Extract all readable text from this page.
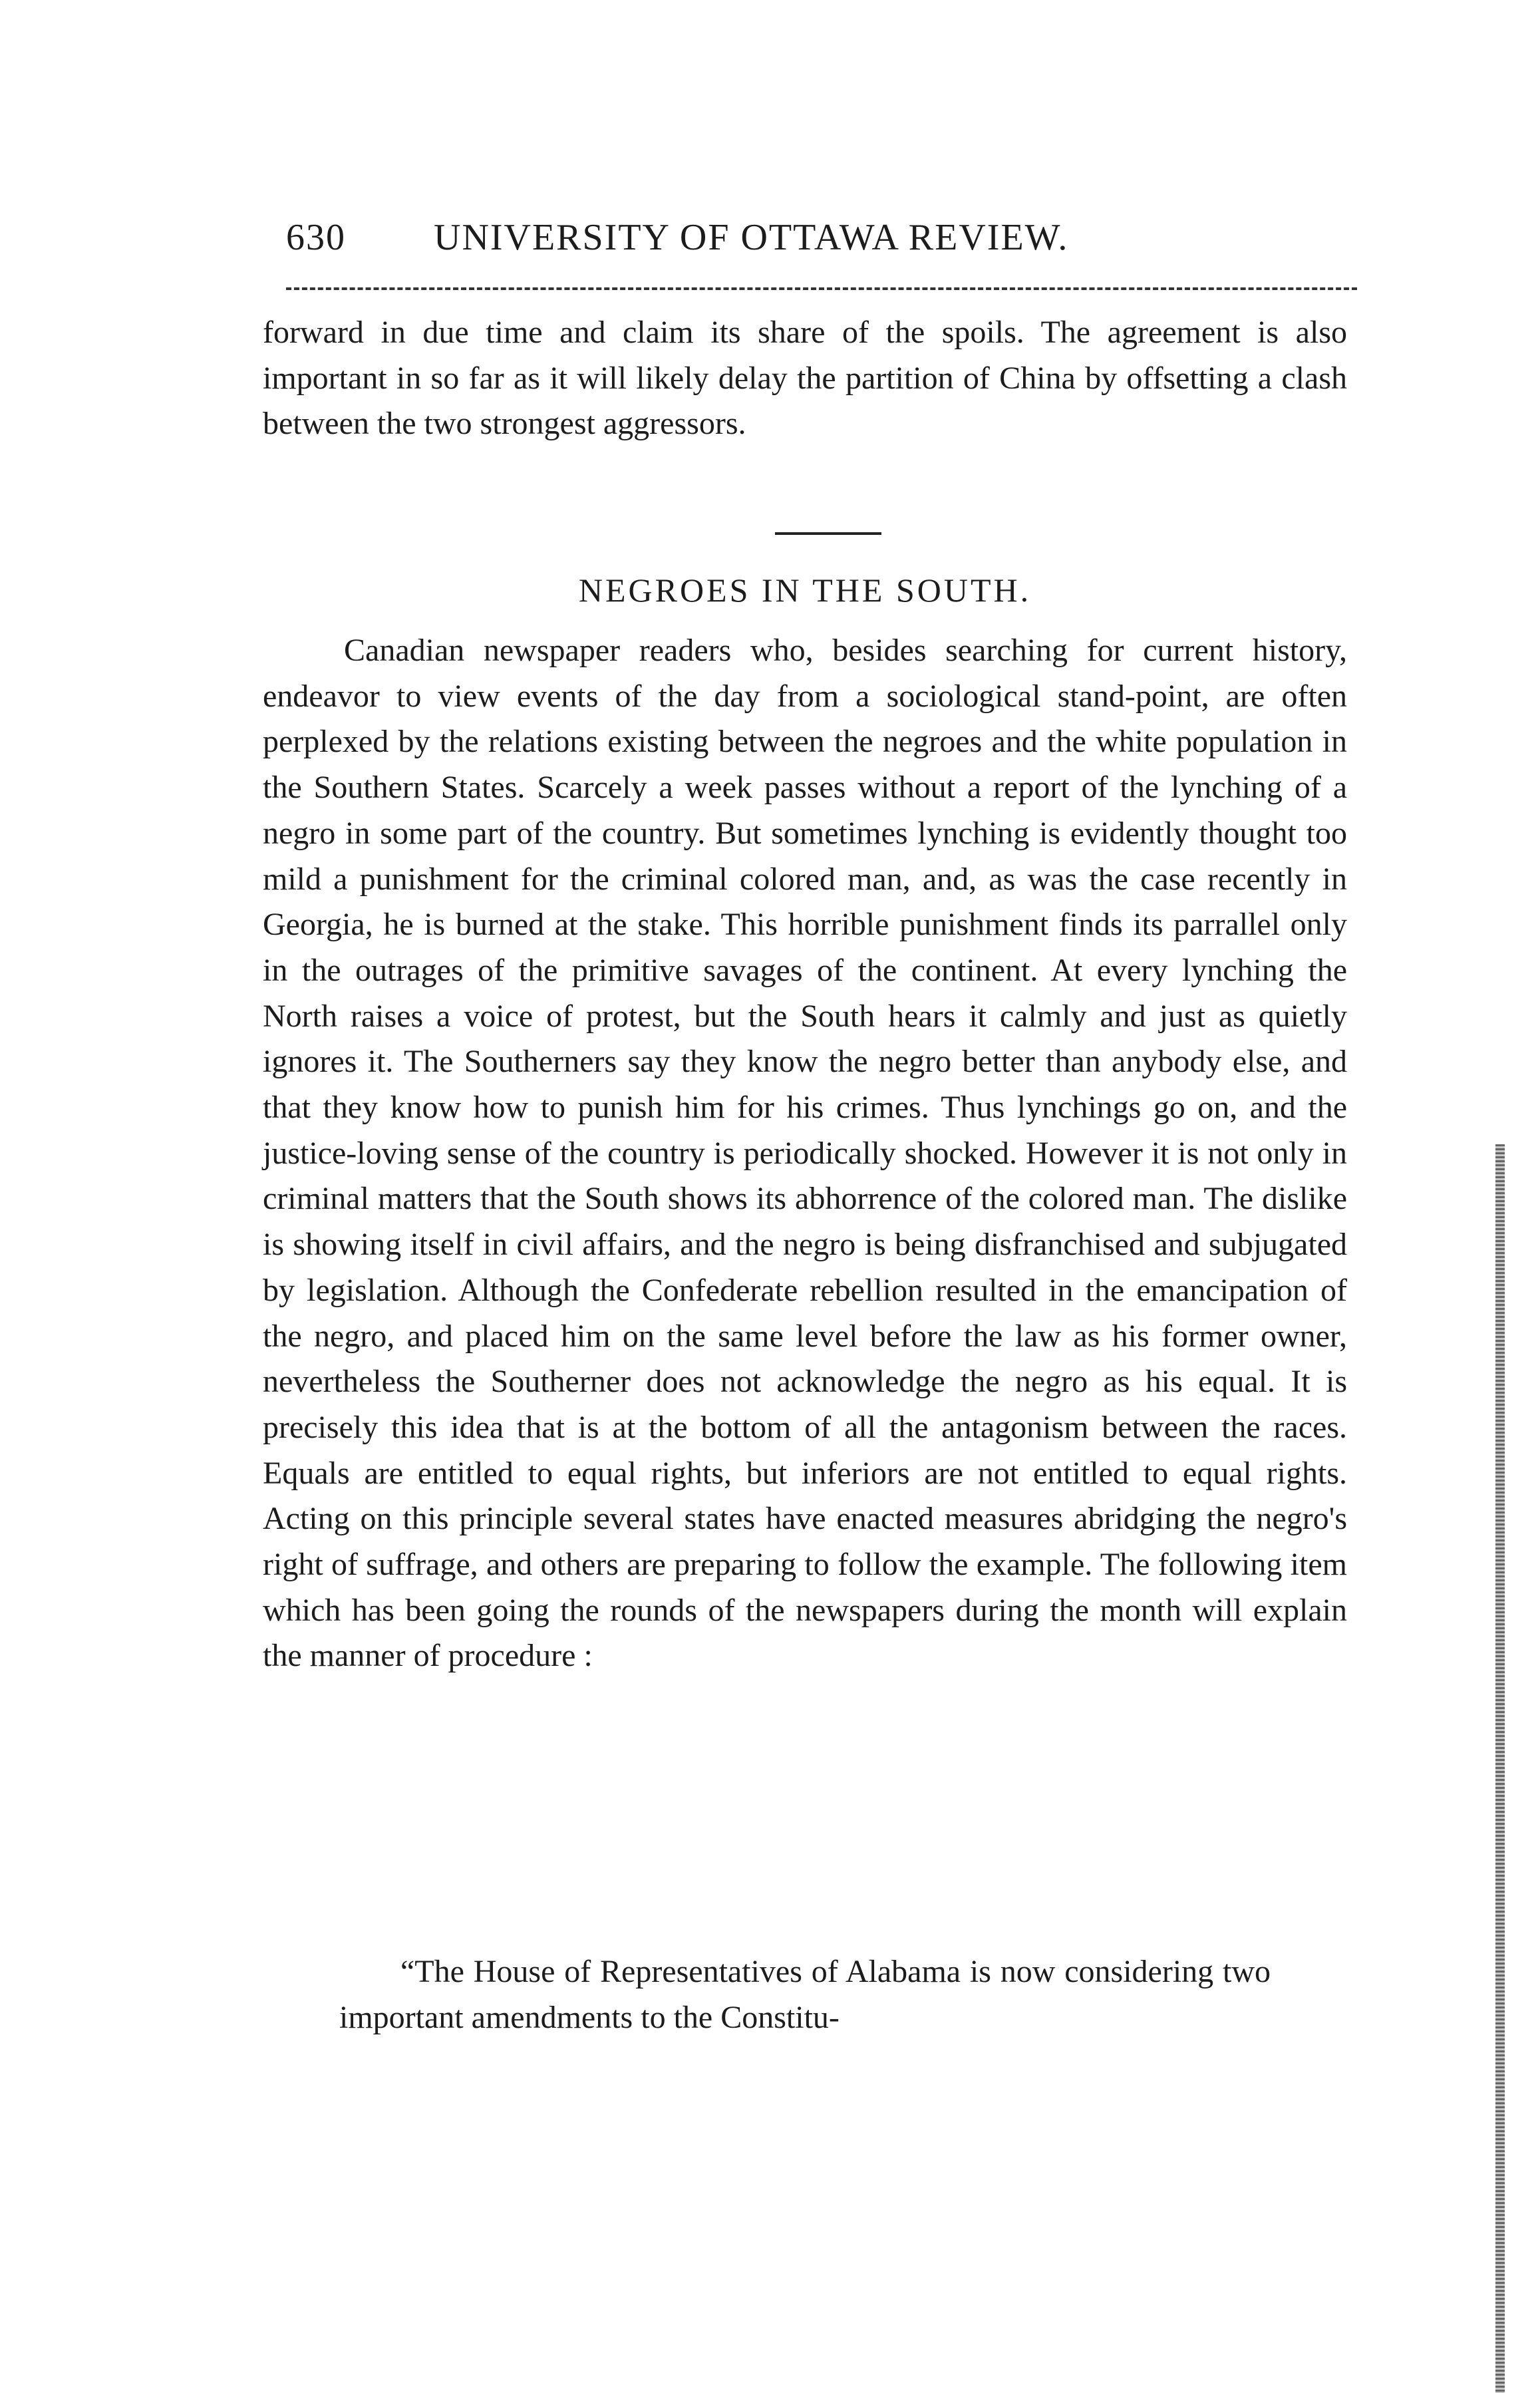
630 UNIVERSITY OF OTTAWA REVIEW.
forward in due time and claim its share of the spoils. The agreement is also important in so far as it will likely delay the partition of China by offsetting a clash between the two strongest aggressors.
NEGROES IN THE SOUTH.

Canadian newspaper readers who, besides searching for current history, endeavor to view events of the day from a sociological stand-point, are often perplexed by the relations existing between the negroes and the white population in the Southern States. Scarcely a week passes without a report of the lynching of a negro in some part of the country. But sometimes lynching is evidently thought too mild a punishment for the criminal colored man, and, as was the case recently in Georgia, he is burned at the stake. This horrible punishment finds its parrallel only in the outrages of the primitive savages of the continent. At every lynching the North raises a voice of protest, but the South hears it calmly and just as quietly ignores it. The Southerners say they know the negro better than anybody else, and that they know how to punish him for his crimes. Thus lynchings go on, and the justice-loving sense of the country is periodically shocked. However it is not only in criminal matters that the South shows its abhorrence of the colored man. The dislike is showing itself in civil affairs, and the negro is being disfranchised and subjugated by legislation. Although the Confederate rebellion resulted in the emancipation of the negro, and placed him on the same level before the law as his former owner, nevertheless the Southerner does not acknowledge the negro as his equal. It is precisely this idea that is at the bottom of all the antagonism between the races. Equals are entitled to equal rights, but inferiors are not entitled to equal rights. Acting on this principle several states have enacted measures abridging the negro's right of suffrage, and others are preparing to follow the example. The following item which has been going the rounds of the newspapers during the month will explain the manner of procedure :

“The House of Representatives of Alabama is now considering two important amendments to the Constitu-
